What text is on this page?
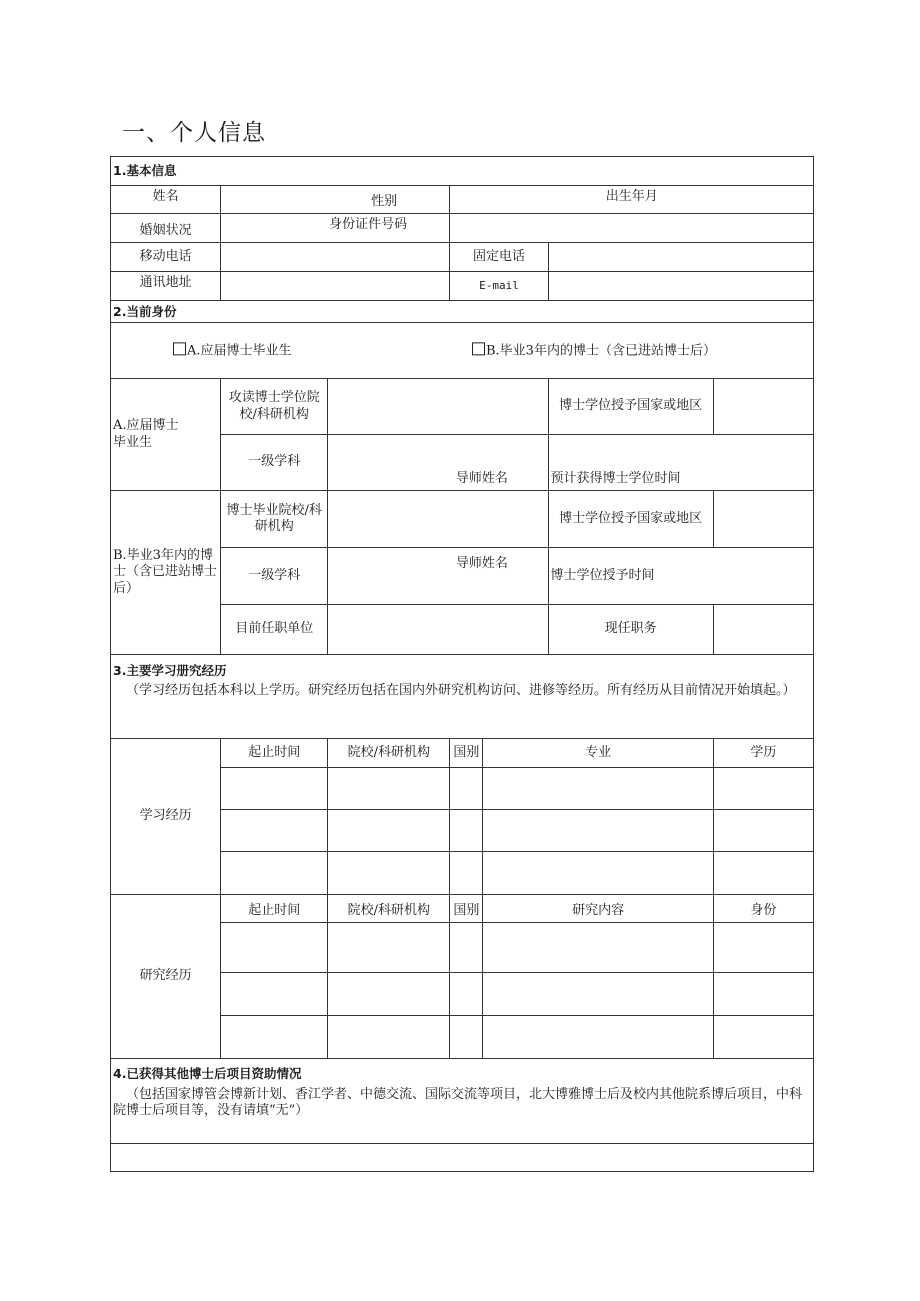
一、个人信息
1.基本信息						
姓名	性别		出生年月			
婚姻状况	身份证件号码					
移动电话			固定电话			
通讯地址			E-mail			
2.当前身份						

A.应届博士毕业生 B.毕业3年内的博士（含已进站博士后）						

A.应届博士毕业生	攻读博士学位院校/科研机构				博士学位授予国家或地区	
	一级学科	导师姓名			预计获得博士学位时间	

B.毕业3年内的博士（含已进站博士后）	博士毕业院校/科研机构				博士学位授予国家或地区	
	一级学科	导师姓名			博士学位授予时间	
	目前任职单位				现任职务	

3.主要学习册究经历
（学习经历包括本科以上学历。研究经历包括在国内外研究机构访问、进修等经历。所有经历从目前情况开始填起。）						

学习经历	起止时间	院校/科研机构	国别	专业		学历

研究经历	起止时间	院校/科研机构	国别	研究内容		身份

4.已获得其他博士后项目资助情况
（包括国家博管会博新计划、香江学者、中德交流、国际交流等项目，北大博雅博士后及校内其他院系博后项目，中科院博士后项目等，没有请填“无”）						
